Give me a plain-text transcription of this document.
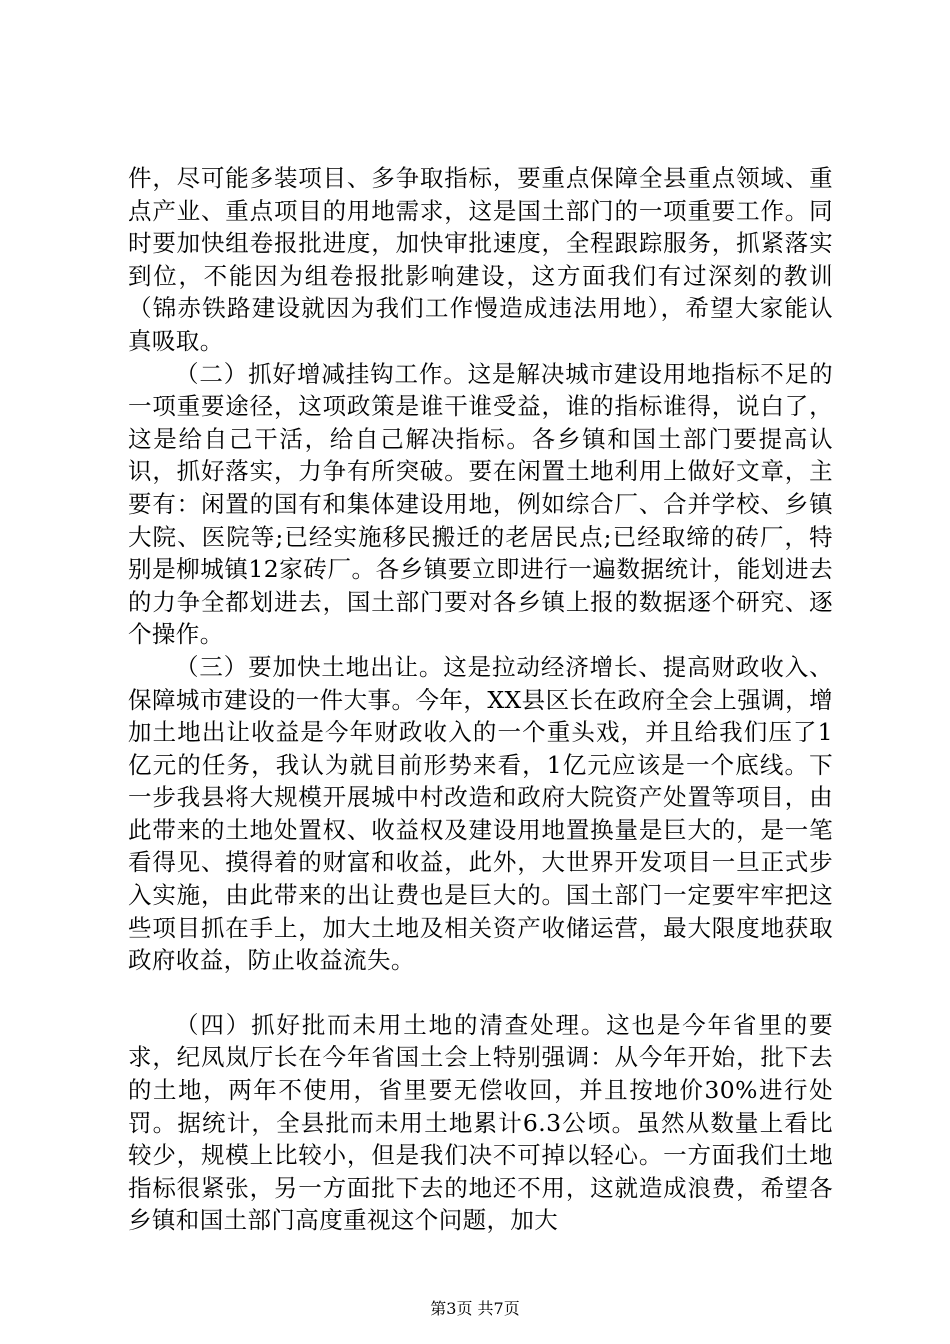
件，尽可能多装项目、多争取指标，要重点保障全县重点领域、重点产业、重点项目的用地需求，这是国土部门的一项重要工作。同时要加快组卷报批进度，加快审批速度，全程跟踪服务，抓紧落实到位，不能因为组卷报批影响建设，这方面我们有过深刻的教训（锦赤铁路建设就因为我们工作慢造成违法用地），希望大家能认真吸取。

（二）抓好增减挂钩工作。这是解决城市建设用地指标不足的一项重要途径，这项政策是谁干谁受益，谁的指标谁得，说白了，这是给自己干活，给自己解决指标。各乡镇和国土部门要提高认识，抓好落实，力争有所突破。要在闲置土地利用上做好文章，主要有：闲置的国有和集体建设用地，例如综合厂、合并学校、乡镇大院、医院等;已经实施移民搬迁的老居民点;已经取缔的砖厂，特别是柳城镇12家砖厂。各乡镇要立即进行一遍数据统计，能划进去的力争全都划进去，国土部门要对各乡镇上报的数据逐个研究、逐个操作。

（三）要加快土地出让。这是拉动经济增长、提高财政收入、保障城市建设的一件大事。今年，XX县区长在政府全会上强调，增加土地出让收益是今年财政收入的一个重头戏，并且给我们压了1亿元的任务，我认为就目前形势来看，1亿元应该是一个底线。下一步我县将大规模开展城中村改造和政府大院资产处置等项目，由此带来的土地处置权、收益权及建设用地置换量是巨大的，是一笔看得见、摸得着的财富和收益，此外，大世界开发项目一旦正式步入实施，由此带来的出让费也是巨大的。国土部门一定要牢牢把这些项目抓在手上，加大土地及相关资产收储运营，最大限度地获取政府收益，防止收益流失。

（四）抓好批而未用土地的清查处理。这也是今年省里的要求，纪凤岚厅长在今年省国土会上特别强调：从今年开始，批下去的土地，两年不使用，省里要无偿收回，并且按地价30%进行处罚。据统计，全县批而未用土地累计6.3公顷。虽然从数量上看比较少，规模上比较小，但是我们决不可掉以轻心。一方面我们土地指标很紧张，另一方面批下去的地还不用，这就造成浪费，希望各乡镇和国土部门高度重视这个问题，加大

第3页 共7页
